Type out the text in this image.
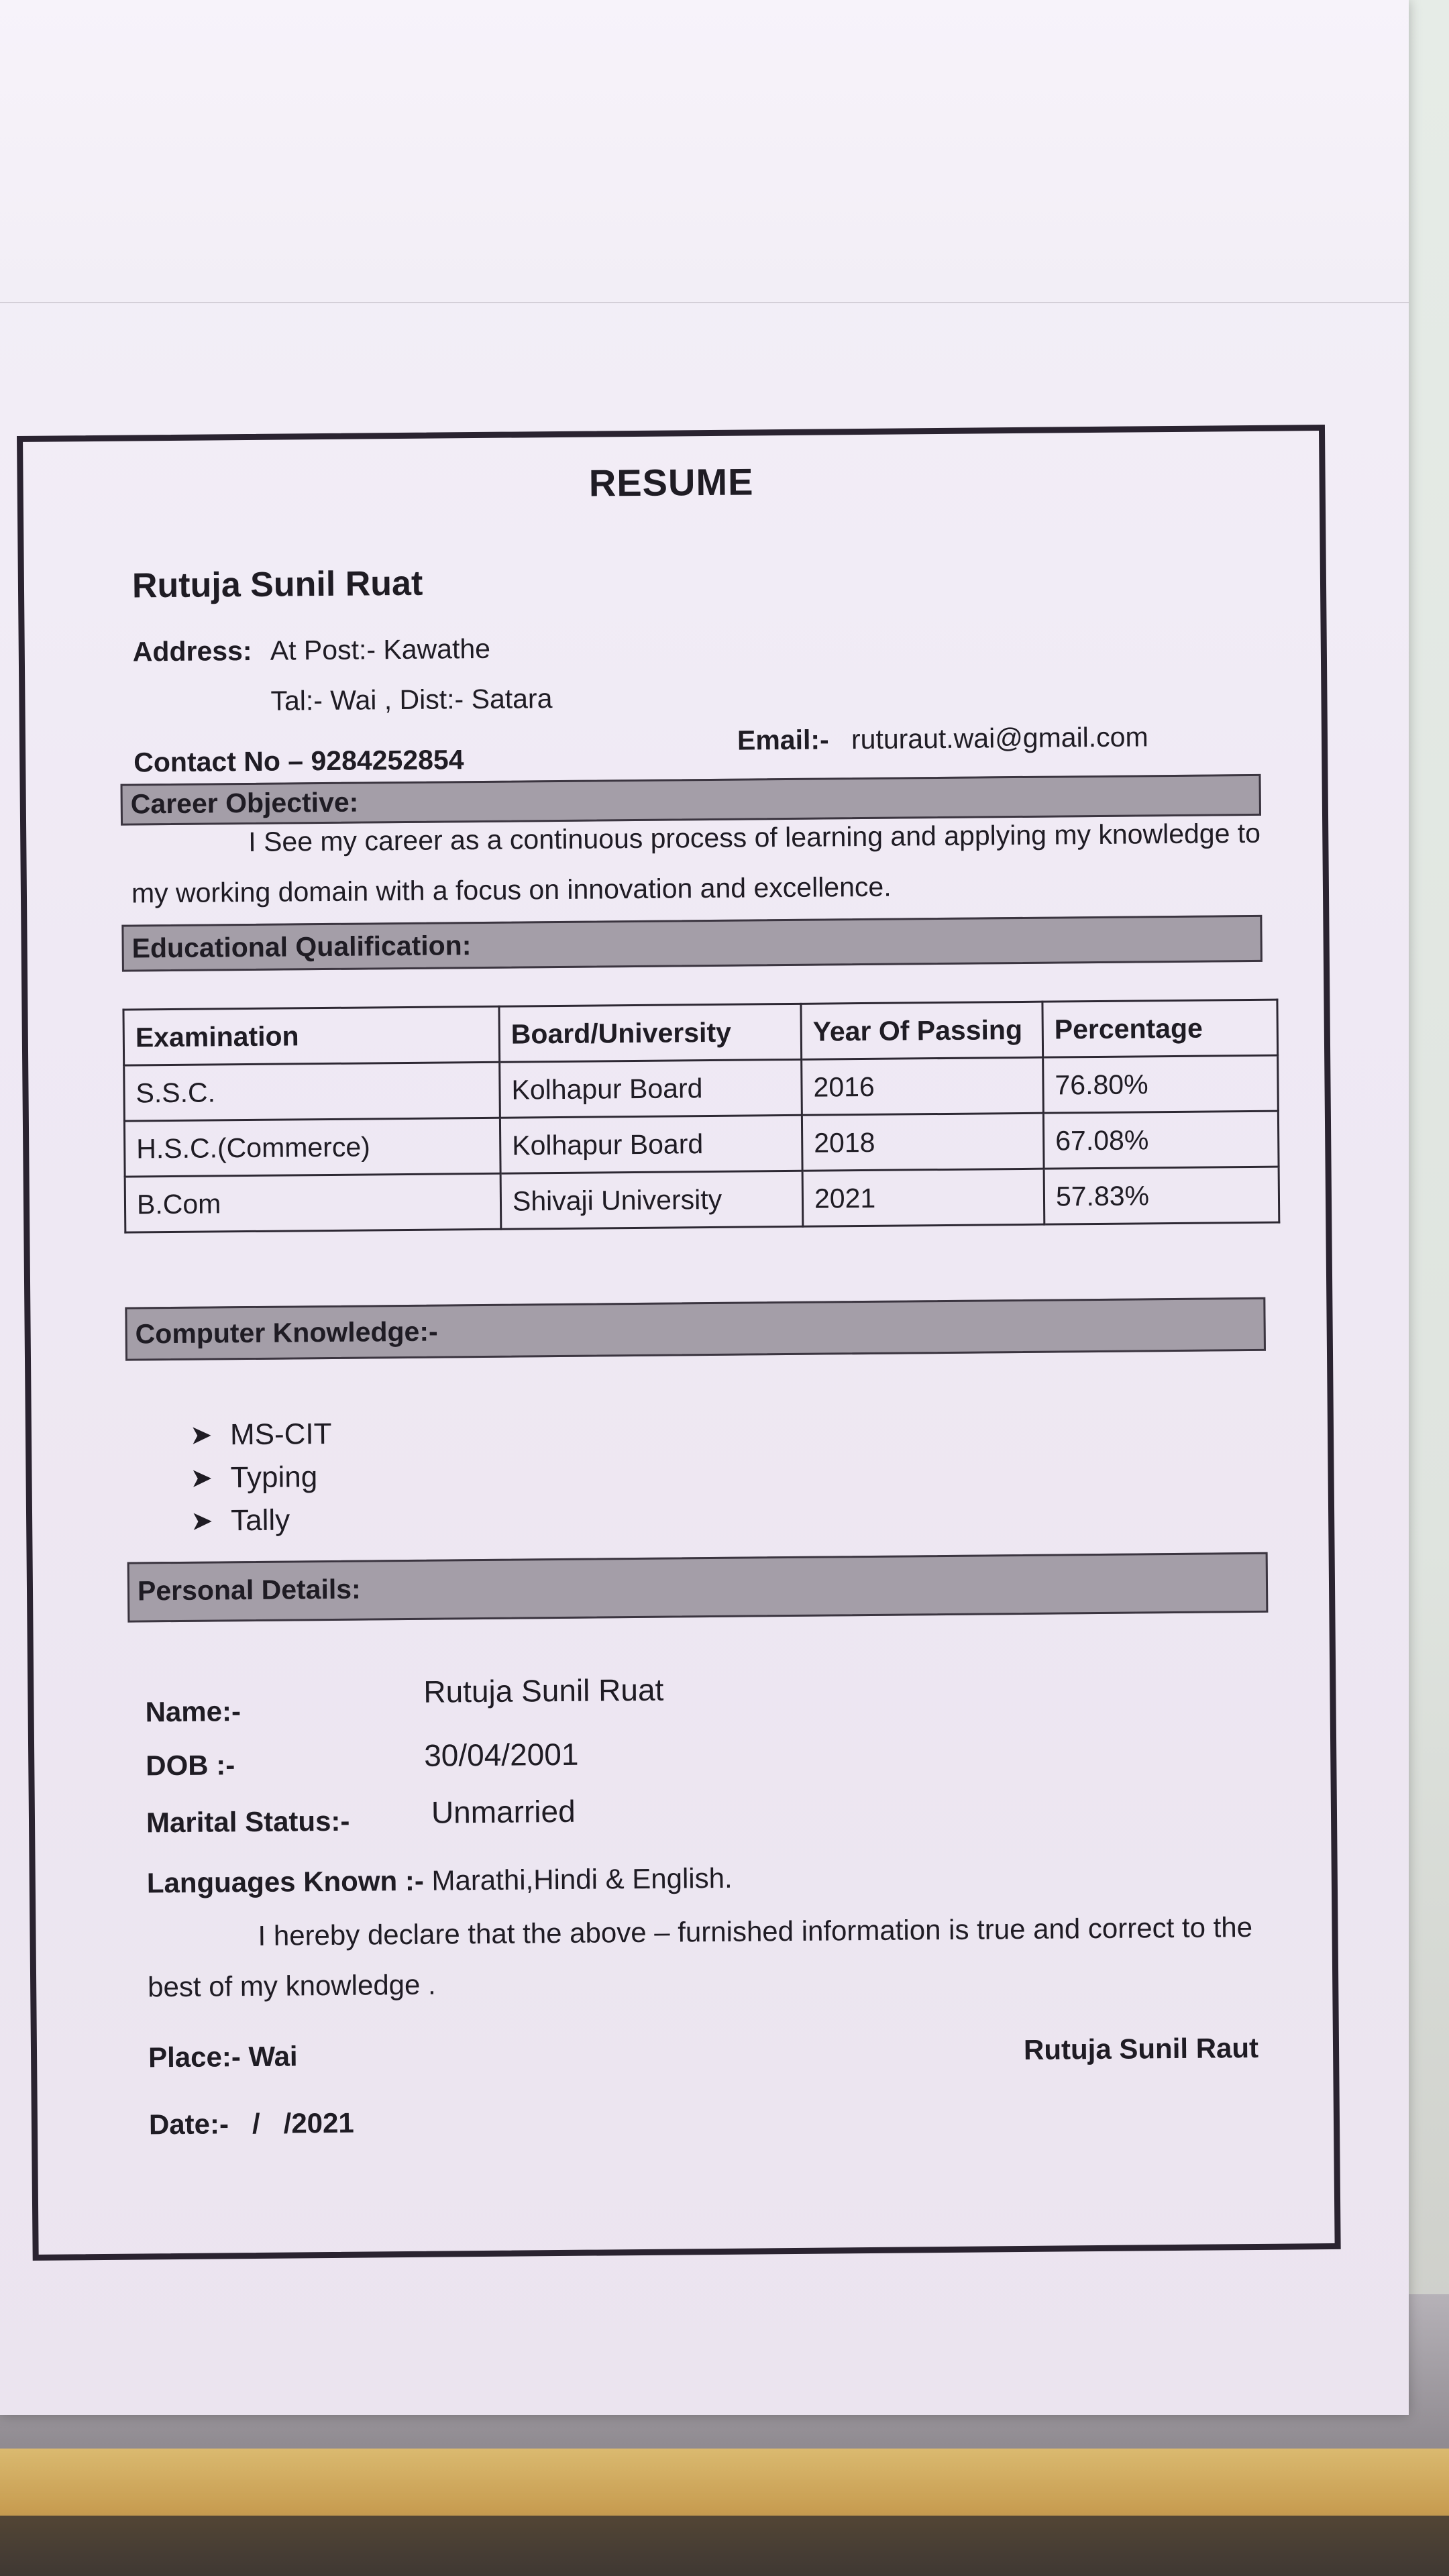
RESUME
Rutuja Sunil Ruat
Address: At Post:- Kawathe
Tal:- Wai , Dist:- Satara
Contact No – 9284252854
Email:- ruturaut.wai@gmail.com
Career Objective:
I See my career as a continuous process of learning and applying my knowledge to
my working domain with a focus on innovation and excellence.
Educational Qualification:
Examination	Board/University	Year Of Passing	Percentage
S.S.C.	Kolhapur Board	2016	76.80%
H.S.C.(Commerce)	Kolhapur Board	2018	67.08%
B.Com	Shivaji University	2021	57.83%
Computer Knowledge:-
➤ MS-CIT
➤ Typing
➤ Tally
Personal Details:
Name:-
Rutuja Sunil Ruat
DOB :-	30/04/2001
Marital Status:-	Unmarried
Languages Known :- Marathi,Hindi & English.
I hereby declare that the above – furnished information is true and correct to the
best of my knowledge .
Place:- Wai
Date:-   /   /2021
Rutuja Sunil Raut
